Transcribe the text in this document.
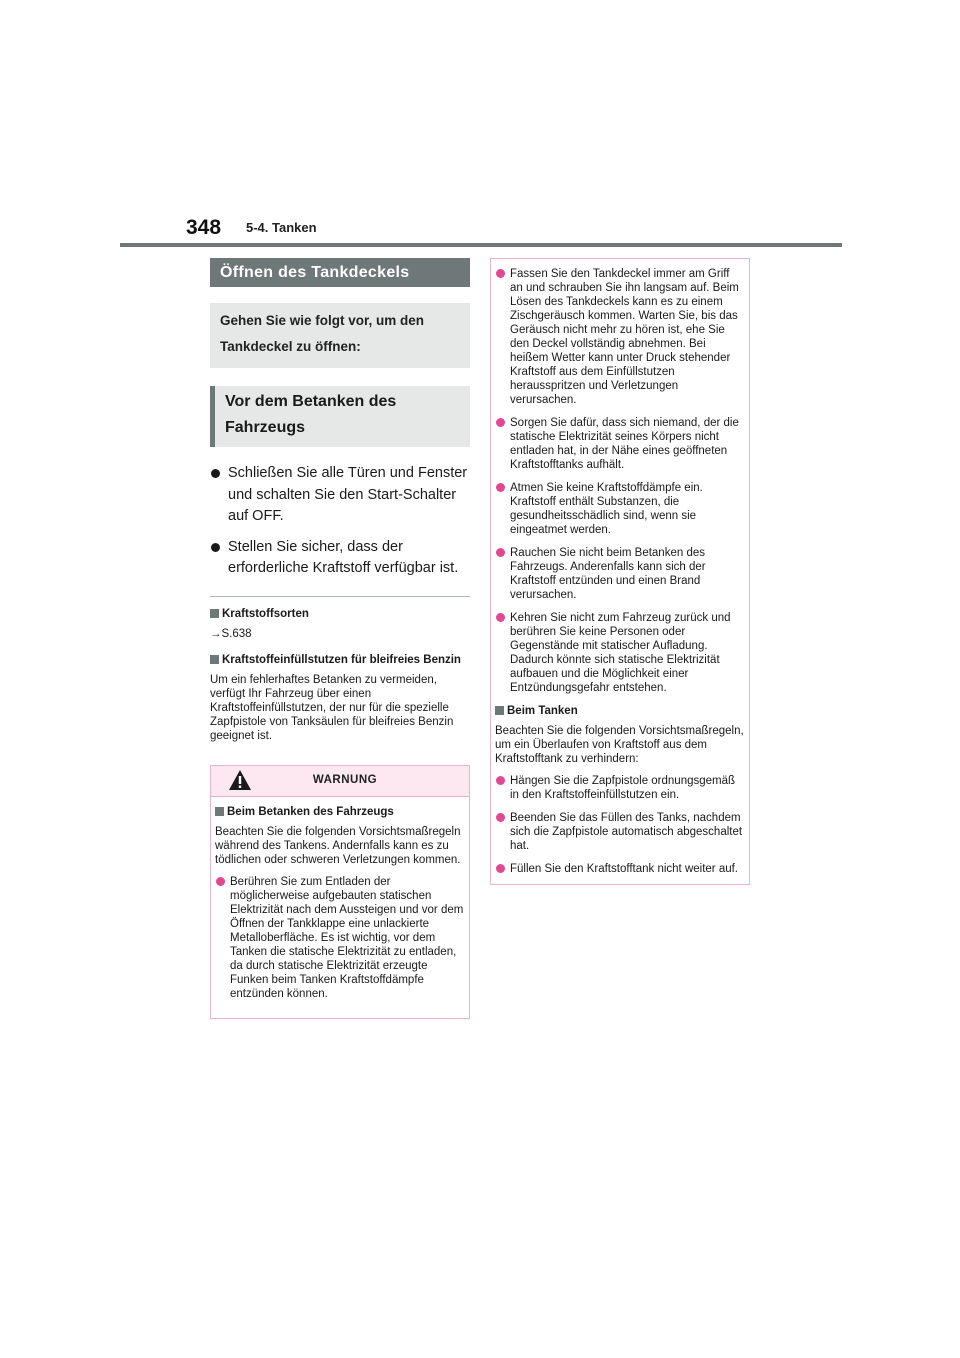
348 5-4. Tanken
Öffnen des Tankdeckels
Gehen Sie wie folgt vor, um den Tankdeckel zu öffnen:
Vor dem Betanken des Fahrzeugs
Schließen Sie alle Türen und Fenster und schalten Sie den Start-Schalter auf OFF.
Stellen Sie sicher, dass der erforderliche Kraftstoff verfügbar ist.
Kraftstoffsorten
→S.638
Kraftstoffeinfüllstutzen für bleifreies Benzin
Um ein fehlerhaftes Betanken zu vermeiden, verfügt Ihr Fahrzeug über einen Kraftstoffeinfüllstutzen, der nur für die spezielle Zapfpistole von Tanksäulen für bleifreies Benzin geeignet ist.
WARNUNG
Beim Betanken des Fahrzeugs
Beachten Sie die folgenden Vorsichtsmaßregeln während des Tankens. Andernfalls kann es zu tödlichen oder schweren Verletzungen kommen.
Berühren Sie zum Entladen der möglicherweise aufgebauten statischen Elektrizität nach dem Aussteigen und vor dem Öffnen der Tankklappe eine unlackierte Metalloberfläche. Es ist wichtig, vor dem Tanken die statische Elektrizität zu entladen, da durch statische Elektrizität erzeugte Funken beim Tanken Kraftstoffdämpfe entzünden können.
Fassen Sie den Tankdeckel immer am Griff an und schrauben Sie ihn langsam auf. Beim Lösen des Tankdeckels kann es zu einem Zischgeräusch kommen. Warten Sie, bis das Geräusch nicht mehr zu hören ist, ehe Sie den Deckel vollständig abnehmen. Bei heißem Wetter kann unter Druck stehender Kraftstoff aus dem Einfüllstutzen herausspritzen und Verletzungen verursachen.
Sorgen Sie dafür, dass sich niemand, der die statische Elektrizität seines Körpers nicht entladen hat, in der Nähe eines geöffneten Kraftstofftanks aufhält.
Atmen Sie keine Kraftstoffdämpfe ein. Kraftstoff enthält Substanzen, die gesundheitsschädlich sind, wenn sie eingeatmet werden.
Rauchen Sie nicht beim Betanken des Fahrzeugs. Anderenfalls kann sich der Kraftstoff entzünden und einen Brand verursachen.
Kehren Sie nicht zum Fahrzeug zurück und berühren Sie keine Personen oder Gegenstände mit statischer Aufladung. Dadurch könnte sich statische Elektrizität aufbauen und die Möglichkeit einer Entzündungsgefahr entstehen.
Beim Tanken
Beachten Sie die folgenden Vorsichtsmaßregeln, um ein Überlaufen von Kraftstoff aus dem Kraftstofftank zu verhindern:
Hängen Sie die Zapfpistole ordnungsgemäß in den Kraftstoffeinfüllstutzen ein.
Beenden Sie das Füllen des Tanks, nachdem sich die Zapfpistole automatisch abgeschaltet hat.
Füllen Sie den Kraftstofftank nicht weiter auf.
